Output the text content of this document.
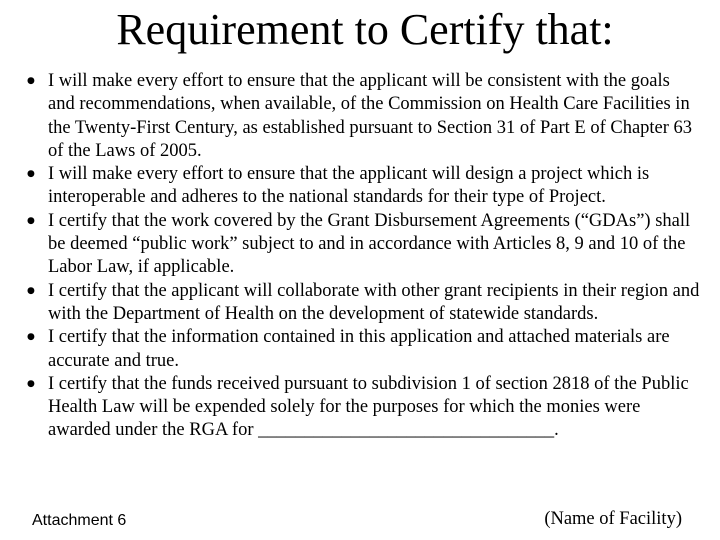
Requirement to Certify that:
●
I will make every effort to ensure that the applicant will be consistent with the goals and recommendations, when available, of the Commission on Health Care Facilities in the Twenty-First Century, as established pursuant to Section 31 of Part E of Chapter 63 of the Laws of 2005.
●
I will make every effort to ensure that the applicant will design a project which is interoperable and adheres to the national standards for their type of Project.
●
I certify that the work covered by the Grant Disbursement Agreements (“GDAs”) shall be deemed “public work” subject to and in accordance with Articles 8, 9 and 10 of the Labor Law, if applicable.
●
I certify that the applicant will collaborate with other grant recipients in their region and with the Department of Health on the development of statewide standards.
●
I certify that the information contained in this application and attached materials are accurate and true.
●
I certify that the funds received pursuant to subdivision 1 of section 2818 of the Public Health Law will be expended solely for the purposes for which the monies were awarded under the RGA for ________________________________.
Attachment 6	(Name of Facility)
